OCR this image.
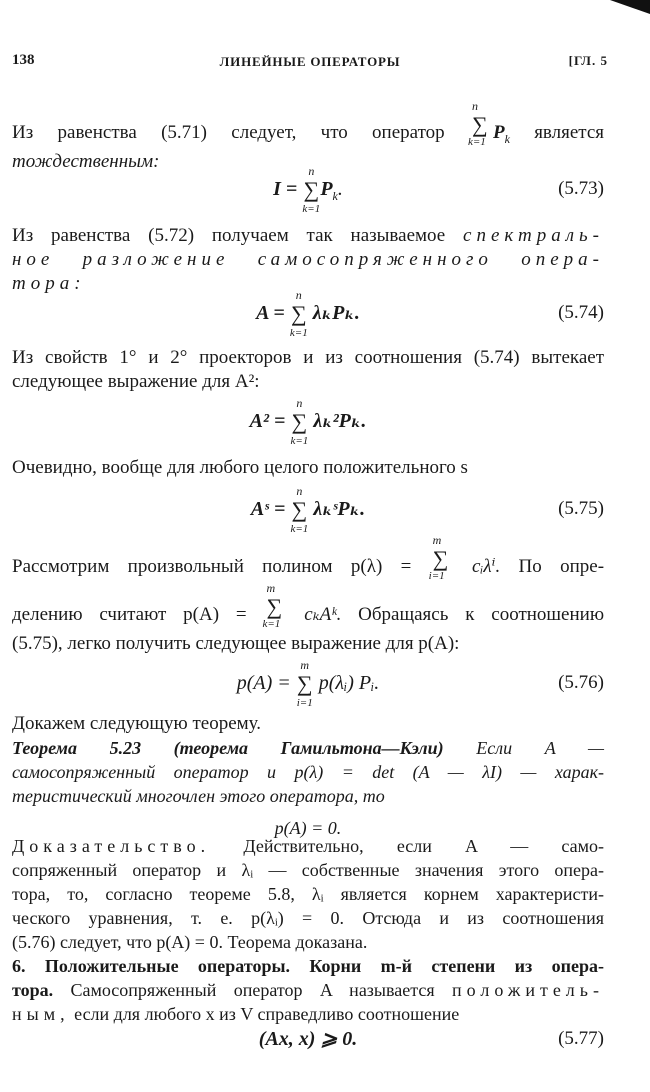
138	ЛИНЕЙНЫЕ ОПЕРАТОРЫ	[ГЛ. 5
Из равенства (5.71) следует, что оператор
n
∑
k=1 $P_k$ является
тождественным:
I =
n
∑
k=1
$P_k$.	(5.73)
Из равенства (5.72) получаем так называемое спектраль-
ное разложение самосопряженного опера-
тора:
A =
n
∑
k=1
λₖPₖ.	(5.74)
Из свойств 1° и 2° проекторов и из соотношения (5.74) вытекает
следующее выражение для A²:
A² =
n
∑
k=1
λₖ²Pₖ.
Очевидно, вообще для любого целого положительного s
Aˢ =
n
∑
k=1
λₖˢPₖ.	(5.75)
Рассмотрим произвольный полином p(λ) =
m
∑
i=1	cᵢλⁱ. По опре-
делению считают p(A) =
m
∑
k=1	cₖAᵏ. Обращаясь к соотношению
(5.75), легко получить следующее выражение для p(A):
p(A) =
m
∑
i=1
p(λᵢ) Pᵢ.	(5.76)
Докажем следующую теорему.
Теорема 5.23 (теорема Гамильтона—Кэли) Если A —
самосопряженный оператор и p(λ) = det (A — λI) — харак-
теристический многочлен этого оператора, то
p(A) = 0.
Доказательство. Действительно, если A — само-
сопряженный оператор и λᵢ — собственные значения этого опера-
тора, то, согласно теореме 5.8, λᵢ является корнем характеристи-
ческого уравнения, т. е. p(λᵢ) = 0. Отсюда и из соотношения
(5.76) следует, что p(A) = 0. Теорема доказана.
6. Положительные операторы. Корни m-й степени из опера-
тора. Самосопряженный оператор A называется положитель-
ным, если для любого x из V справедливо соотношение
(Ax, x) ⩾ 0.	(5.77)
